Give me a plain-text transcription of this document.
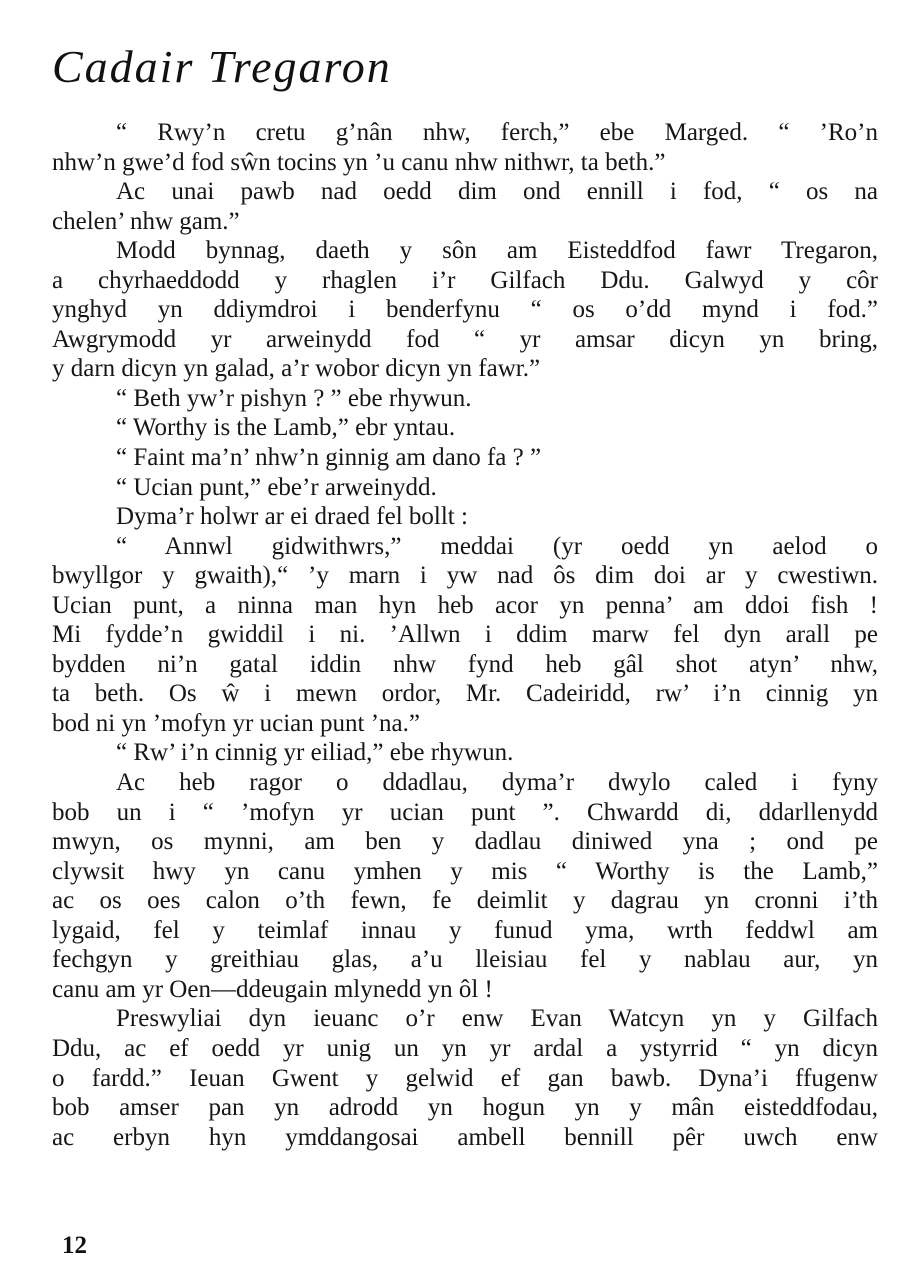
Cadair Tregaron
“ Rwy’n cretu g’nân nhw, ferch,” ebe Marged. “ ’Ro’n
nhw’n gwe’d fod sŵn tocins yn ’u canu nhw nithwr, ta beth.”
Ac unai pawb nad oedd dim ond ennill i fod, “ os na
chelen’ nhw gam.”
Modd bynnag, daeth y sôn am Eisteddfod fawr Tregaron,
a chyrhaeddodd y rhaglen i’r Gilfach Ddu. Galwyd y côr
ynghyd yn ddiymdroi i benderfynu “ os o’dd mynd i fod.”
Awgrymodd yr arweinydd fod “ yr amsar dicyn yn bring,
y darn dicyn yn galad, a’r wobor dicyn yn fawr.”
“ Beth yw’r pishyn ? ” ebe rhywun.
“ Worthy is the Lamb,” ebr yntau.
“ Faint ma’n’ nhw’n ginnig am dano fa ? ”
“ Ucian punt,” ebe’r arweinydd.
Dyma’r holwr ar ei draed fel bollt :
“ Annwl gidwithwrs,” meddai (yr oedd yn aelod o
bwyllgor y gwaith),“ ’y marn i yw nad ôs dim doi ar y cwestiwn.
Ucian punt, a ninna man hyn heb acor yn penna’ am ddoi fish !
Mi fydde’n gwiddil i ni. ’Allwn i ddim marw fel dyn arall pe
bydden ni’n gatal iddin nhw fynd heb gâl shot atyn’ nhw,
ta beth. Os ŵ i mewn ordor, Mr. Cadeiridd, rw’ i’n cinnig yn
bod ni yn ’mofyn yr ucian punt ’na.”
“ Rw’ i’n cinnig yr eiliad,” ebe rhywun.
Ac heb ragor o ddadlau, dyma’r dwylo caled i fyny
bob un i “ ’mofyn yr ucian punt ”. Chwardd di, ddarllenydd
mwyn, os mynni, am ben y dadlau diniwed yna ; ond pe
clywsit hwy yn canu ymhen y mis “ Worthy is the Lamb,”
ac os oes calon o’th fewn, fe deimlit y dagrau yn cronni i’th
lygaid, fel y teimlaf innau y funud yma, wrth feddwl am
fechgyn y greithiau glas, a’u lleisiau fel y nablau aur, yn
canu am yr Oen—ddeugain mlynedd yn ôl !
Preswyliai dyn ieuanc o’r enw Evan Watcyn yn y Gilfach
Ddu, ac ef oedd yr unig un yn yr ardal a ystyrrid “ yn dicyn
o fardd.” Ieuan Gwent y gelwid ef gan bawb. Dyna’i ffugenw
bob amser pan yn adrodd yn hogun yn y mân eisteddfodau,
ac erbyn hyn ymddangosai ambell bennill pêr uwch enw
12
